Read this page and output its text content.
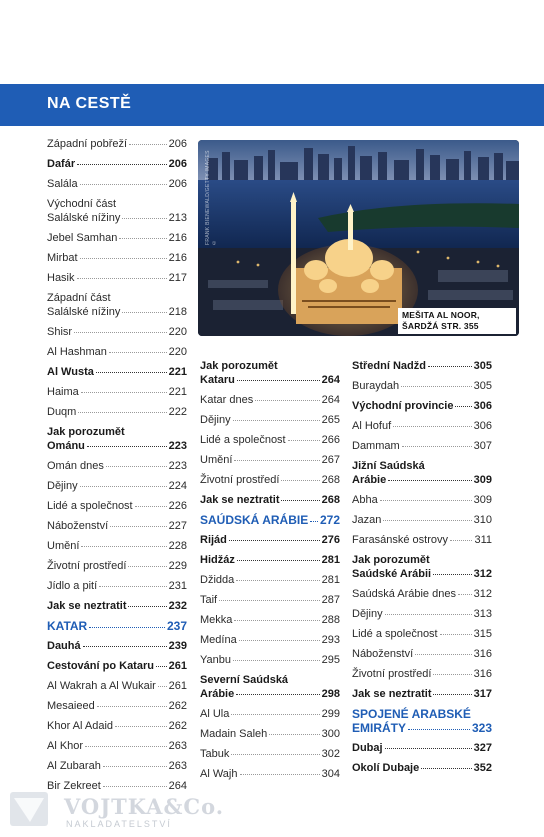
NA CESTĚ
FRANK BIENEWALD/GETTY IMAGES ©
MEŠITA AL NOOR, ŠARDŽÁ STR. 355
Západní pobřeží	206
Dafár	206
Salála	206
Východní část
Salálské nížiny	213
Jebel Samhan	216
Mirbat	216
Hasik	217
Západní část
Salálské nížiny	218
Shisr	220
Al Hashman	220
Al Wusta	221
Haima	221
Duqm	222
Jak porozumět
Ománu	223
Omán dnes	223
Dějiny	224
Lidé a společnost	226
Náboženství	227
Umění	228
Životní prostředí	229
Jídlo a pití	231
Jak se neztratit	232
KATAR	237
Dauhá	239
Cestování po Kataru 261
Al Wakrah a Al Wukair 261
Mesaieed	262
Khor Al Adaid	262
Al Khor	263
Al Zubarah	263
Bir Zekreet	264
Jak porozumět
Kataru	264
Katar dnes	264
Dějiny	265
Lidé a společnost	266
Umění	267
Životní prostředí	268
Jak se neztratit	268
SAÚDSKÁ ARÁBIE 272
Rijád	276
Hidžáz	281
Džidda	281
Taif	287
Mekka	288
Medína	293
Yanbu	295
Severní Saúdská
Arábie	298
Al Ula	299
Madain Saleh	300
Tabuk	302
Al Wajh	304
Střední Nadžd	305
Buraydah	305
Východní provincie 306
Al Hofuf	306
Dammam	307
Jižní Saúdská
Arábie	309
Abha	309
Jazan	310
Farasánské ostrovy 311
Jak porozumět
Saúdské Arábii	312
Saúdská Arábie dnes 312
Dějiny	313
Lidé a společnost	315
Náboženství	316
Životní prostředí	316
Jak se neztratit	317
SPOJENÉ ARABSKÉ
EMIRÁTY	323
Dubaj	327
Okolí Dubaje	352
VOJTKA&Co.
NAKLADATELSTVÍ
